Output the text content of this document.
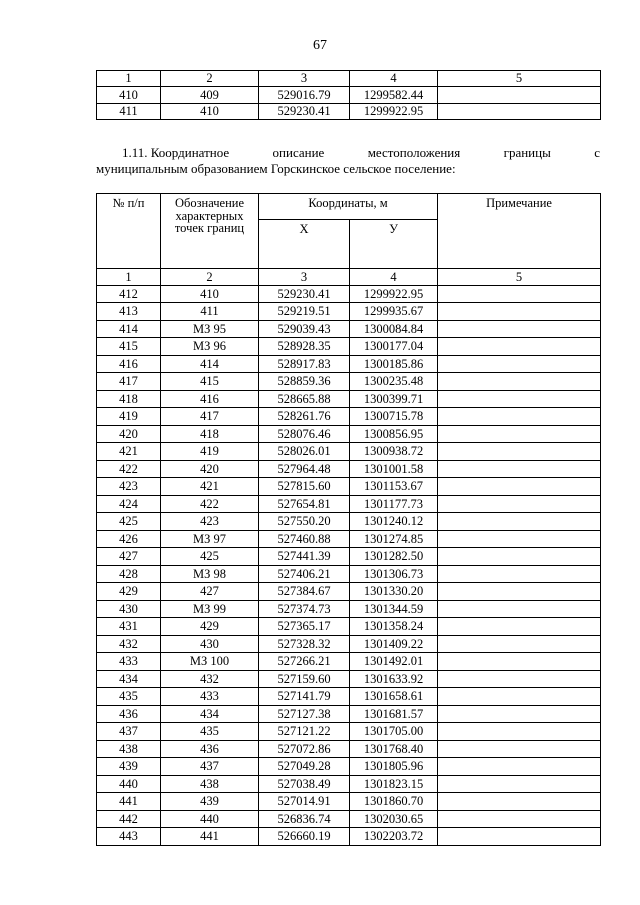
67
1	2	3	4	5
410	409	529016.79	1299582.44	
411	410	529230.41	1299922.95	
1.11. Координатное	описание	местоположения	границы	с
муниципальным образованием Горскинское сельское поселение:
№ п/п	Обозначение характерных точек границ	Координаты, м		Примечание
		X	У	
1	2	3	4	5
412	410	529230.41	1299922.95	
413	411	529219.51	1299935.67	
414	МЗ 95	529039.43	1300084.84	
415	МЗ 96	528928.35	1300177.04	
416	414	528917.83	1300185.86	
417	415	528859.36	1300235.48	
418	416	528665.88	1300399.71	
419	417	528261.76	1300715.78	
420	418	528076.46	1300856.95	
421	419	528026.01	1300938.72	
422	420	527964.48	1301001.58	
423	421	527815.60	1301153.67	
424	422	527654.81	1301177.73	
425	423	527550.20	1301240.12	
426	МЗ 97	527460.88	1301274.85	
427	425	527441.39	1301282.50	
428	МЗ 98	527406.21	1301306.73	
429	427	527384.67	1301330.20	
430	МЗ 99	527374.73	1301344.59	
431	429	527365.17	1301358.24	
432	430	527328.32	1301409.22	
433	МЗ 100	527266.21	1301492.01	
434	432	527159.60	1301633.92	
435	433	527141.79	1301658.61	
436	434	527127.38	1301681.57	
437	435	527121.22	1301705.00	
438	436	527072.86	1301768.40	
439	437	527049.28	1301805.96	
440	438	527038.49	1301823.15	
441	439	527014.91	1301860.70	
442	440	526836.74	1302030.65	
443	441	526660.19	1302203.72	
